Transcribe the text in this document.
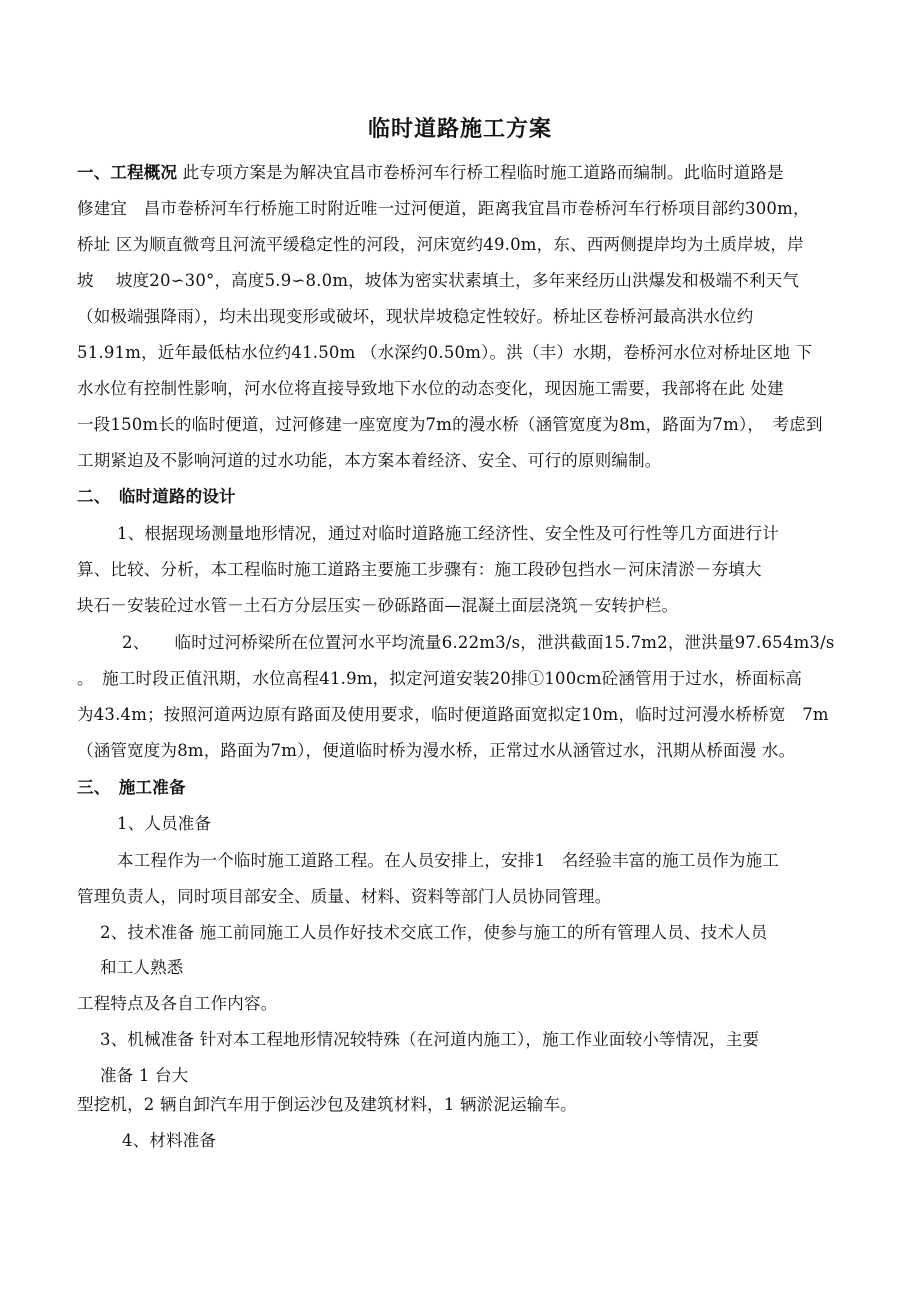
临时道路施工方案
一、工程概况 此专项方案是为解决宜昌市卷桥河车行桥工程临时施工道路而编制。此临时道路是
修建宜　昌市卷桥河车行桥施工时附近唯一过河便道，距离我宜昌市卷桥河车行桥项目部约300m，
桥址 区为顺直微弯且河流平缓稳定性的河段，河床宽约49.0m，东、西两侧提岸均为土质岸坡，岸
坡　 坡度20∽30°，高度5.9∽8.0m，坡体为密实状素填土，多年来经历山洪爆发和极端不利天气
（如极端强降雨），均未出现变形或破坏，现状岸坡稳定性较好。桥址区卷桥河最高洪水位约
51.91m，近年最低枯水位约41.50m （水深约0.50m）。洪（丰）水期，卷桥河水位对桥址区地 下
水水位有控制性影响，河水位将直接导致地下水位的动态变化，现因施工需要，我部将在此 处建
一段150m长的临时便道，过河修建一座宽度为7m的漫水桥（涵管宽度为8m，路面为7m），　考虑到
工期紧迫及不影响河道的过水功能，本方案本着经济、安全、可行的原则编制。
二、　临时道路的设计
1、根据现场测量地形情况，通过对临时道路施工经济性、安全性及可行性等几方面进行计
算、比较、分析，本工程临时施工道路主要施工步骤有：施工段砂包挡水－河床清淤－夯填大
块石－安装砼过水管－土石方分层压实－砂砾路面—混凝土面层浇筑－安转护栏。
2、　　临时过河桥梁所在位置河水平均流量6.22m3/s，泄洪截面15.7m2，泄洪量97.654m3/s
。　施工时段正值汛期，水位高程41.9m，拟定河道安装20排①100cm砼涵管用于过水，桥面标高
为43.4m；按照河道两边原有路面及使用要求，临时便道路面宽拟定10m，临时过河漫水桥桥宽　7m
（涵管宽度为8m，路面为7m），便道临时桥为漫水桥，正常过水从涵管过水，汛期从桥面漫 水。
三、　施工准备
1、人员准备
本工程作为一个临时施工道路工程。在人员安排上，安排1　名经验丰富的施工员作为施工
管理负责人，同时项目部安全、质量、材料、资料等部门人员协同管理。
2、技术准备 施工前同施工人员作好技术交底工作，使参与施工的所有管理人员、技术人员
和工人熟悉
工程特点及各自工作内容。
3、机械准备 针对本工程地形情况较特殊（在河道内施工），施工作业面较小等情况，主要
准备 1 台大
型挖机，2 辆自卸汽车用于倒运沙包及建筑材料，1 辆淤泥运输车。
4、材料准备
